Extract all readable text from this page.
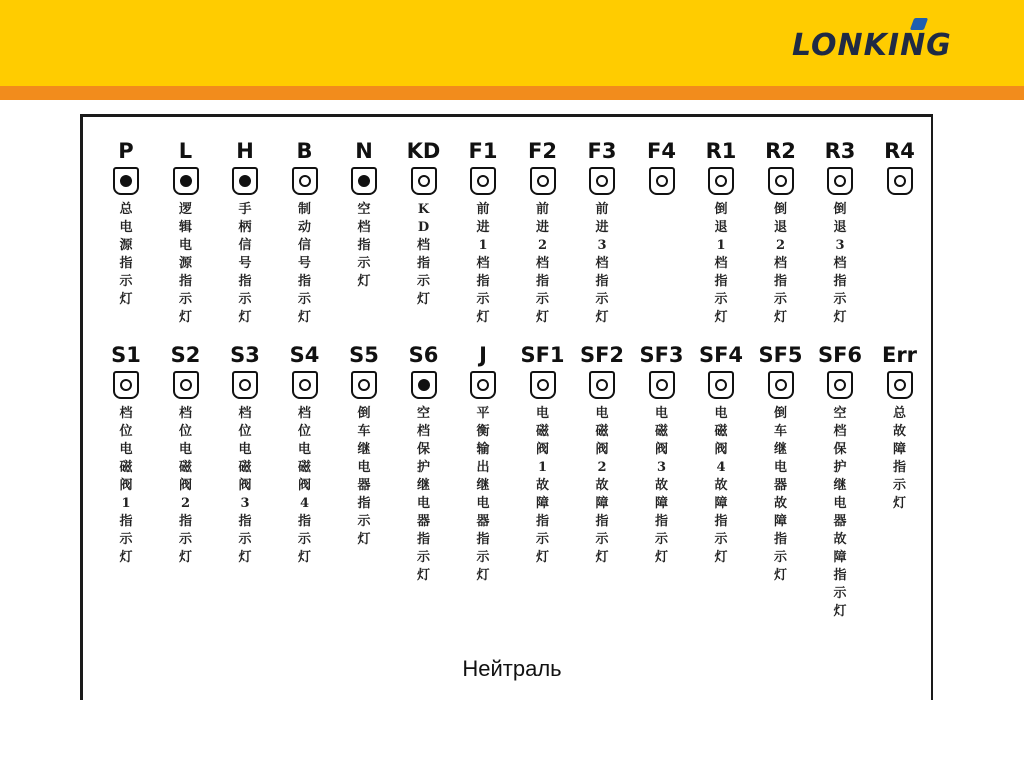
LONKING
P
总电源指示灯
L
逻辑电源指示灯
H
手柄信号指示灯
B
制动信号指示灯
N
空档指示灯
KD
KD档指示灯
F1
前进1档指示灯
F2
前进2档指示灯
F3
前进3档指示灯
F4	R1
倒退1档指示灯
R2
倒退2档指示灯
R3
倒退3档指示灯
R4
S1
档位电磁阀1指示灯
S2
档位电磁阀2指示灯
S3
档位电磁阀3指示灯
S4
档位电磁阀4指示灯
S5
倒车继电器指示灯
S6
空档保护继电器指示灯
J
平衡输出继电器指示灯
SF1
电磁阀1故障指示灯
SF2
电磁阀2故障指示灯
SF3
电磁阀3故障指示灯
SF4
电磁阀4故障指示灯
SF5
倒车继电器故障指示灯
SF6
空档保护继电器故障指示灯
Err
总故障指示灯
Нейтраль
